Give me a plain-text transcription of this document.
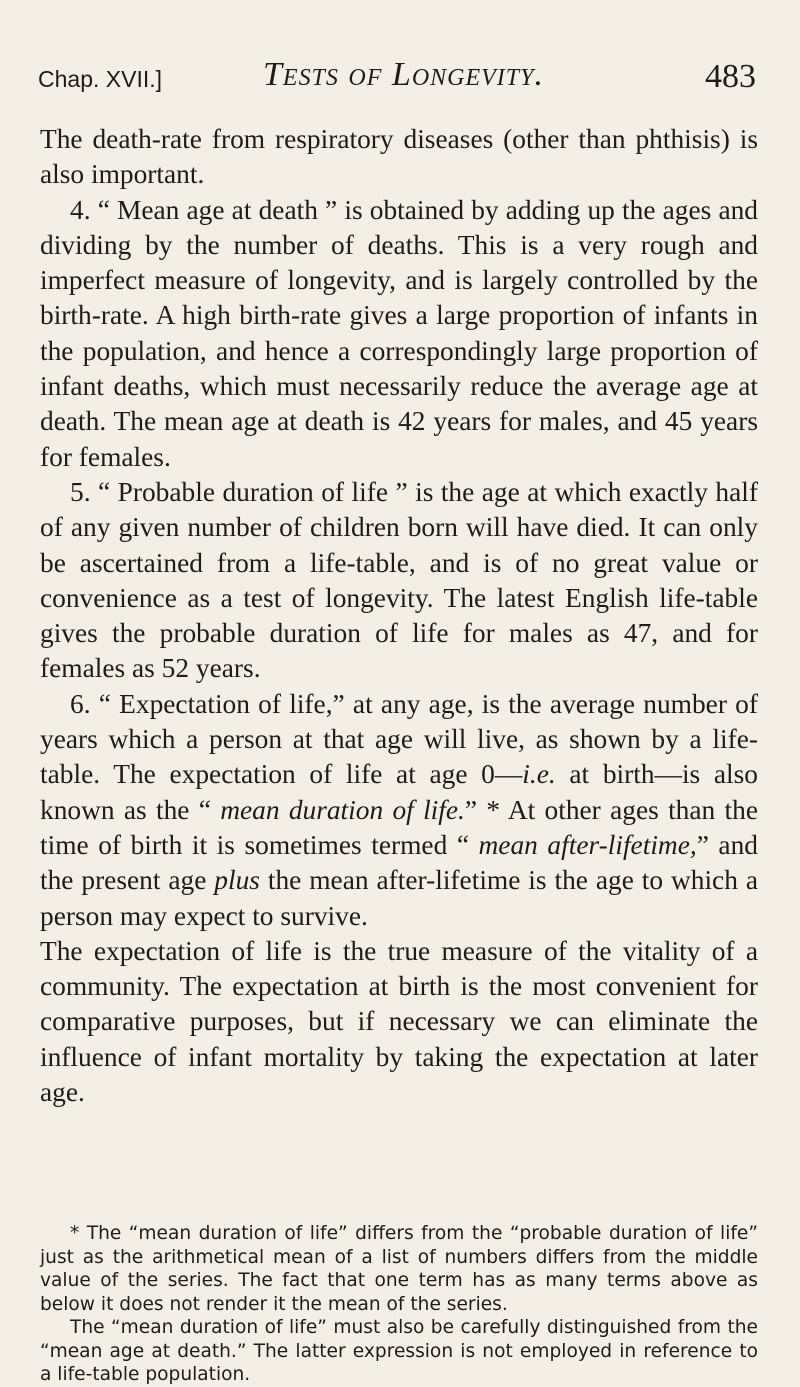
Chap. XVII.]	Tests of Longevity.	483

The death-rate from respiratory diseases (other than phthisis) is also important.

4. “ Mean age at death ” is obtained by adding up the ages and dividing by the number of deaths. This is a very rough and imperfect measure of longevity, and is largely controlled by the birth-rate. A high birth-rate gives a large proportion of infants in the population, and hence a correspondingly large proportion of infant deaths, which must necessarily reduce the average age at death. The mean age at death is 42 years for males, and 45 years for females.

5. “ Probable duration of life ” is the age at which exactly half of any given number of children born will have died. It can only be ascertained from a life-table, and is of no great value or convenience as a test of longevity. The latest English life-table gives the probable duration of life for males as 47, and for females as 52 years.

6. “ Expectation of life,” at any age, is the average number of years which a person at that age will live, as shown by a life-table. The expectation of life at age 0—i.e. at birth—is also known as the “ mean duration of life.” * At other ages than the time of birth it is sometimes termed “ mean after-lifetime,” and the present age plus the mean after-lifetime is the age to which a person may expect to survive.

The expectation of life is the true measure of the vitality of a community. The expectation at birth is the most convenient for comparative purposes, but if necessary we can eliminate the influence of infant mortality by taking the expectation at later age.

* The “mean duration of life” differs from the “probable duration of life” just as the arithmetical mean of a list of numbers differs from the middle value of the series. The fact that one term has as many terms above as below it does not render it the mean of the series.

The “mean duration of life” must also be carefully distinguished from the “mean age at death.” The latter expression is not employed in reference to a life-table population.
